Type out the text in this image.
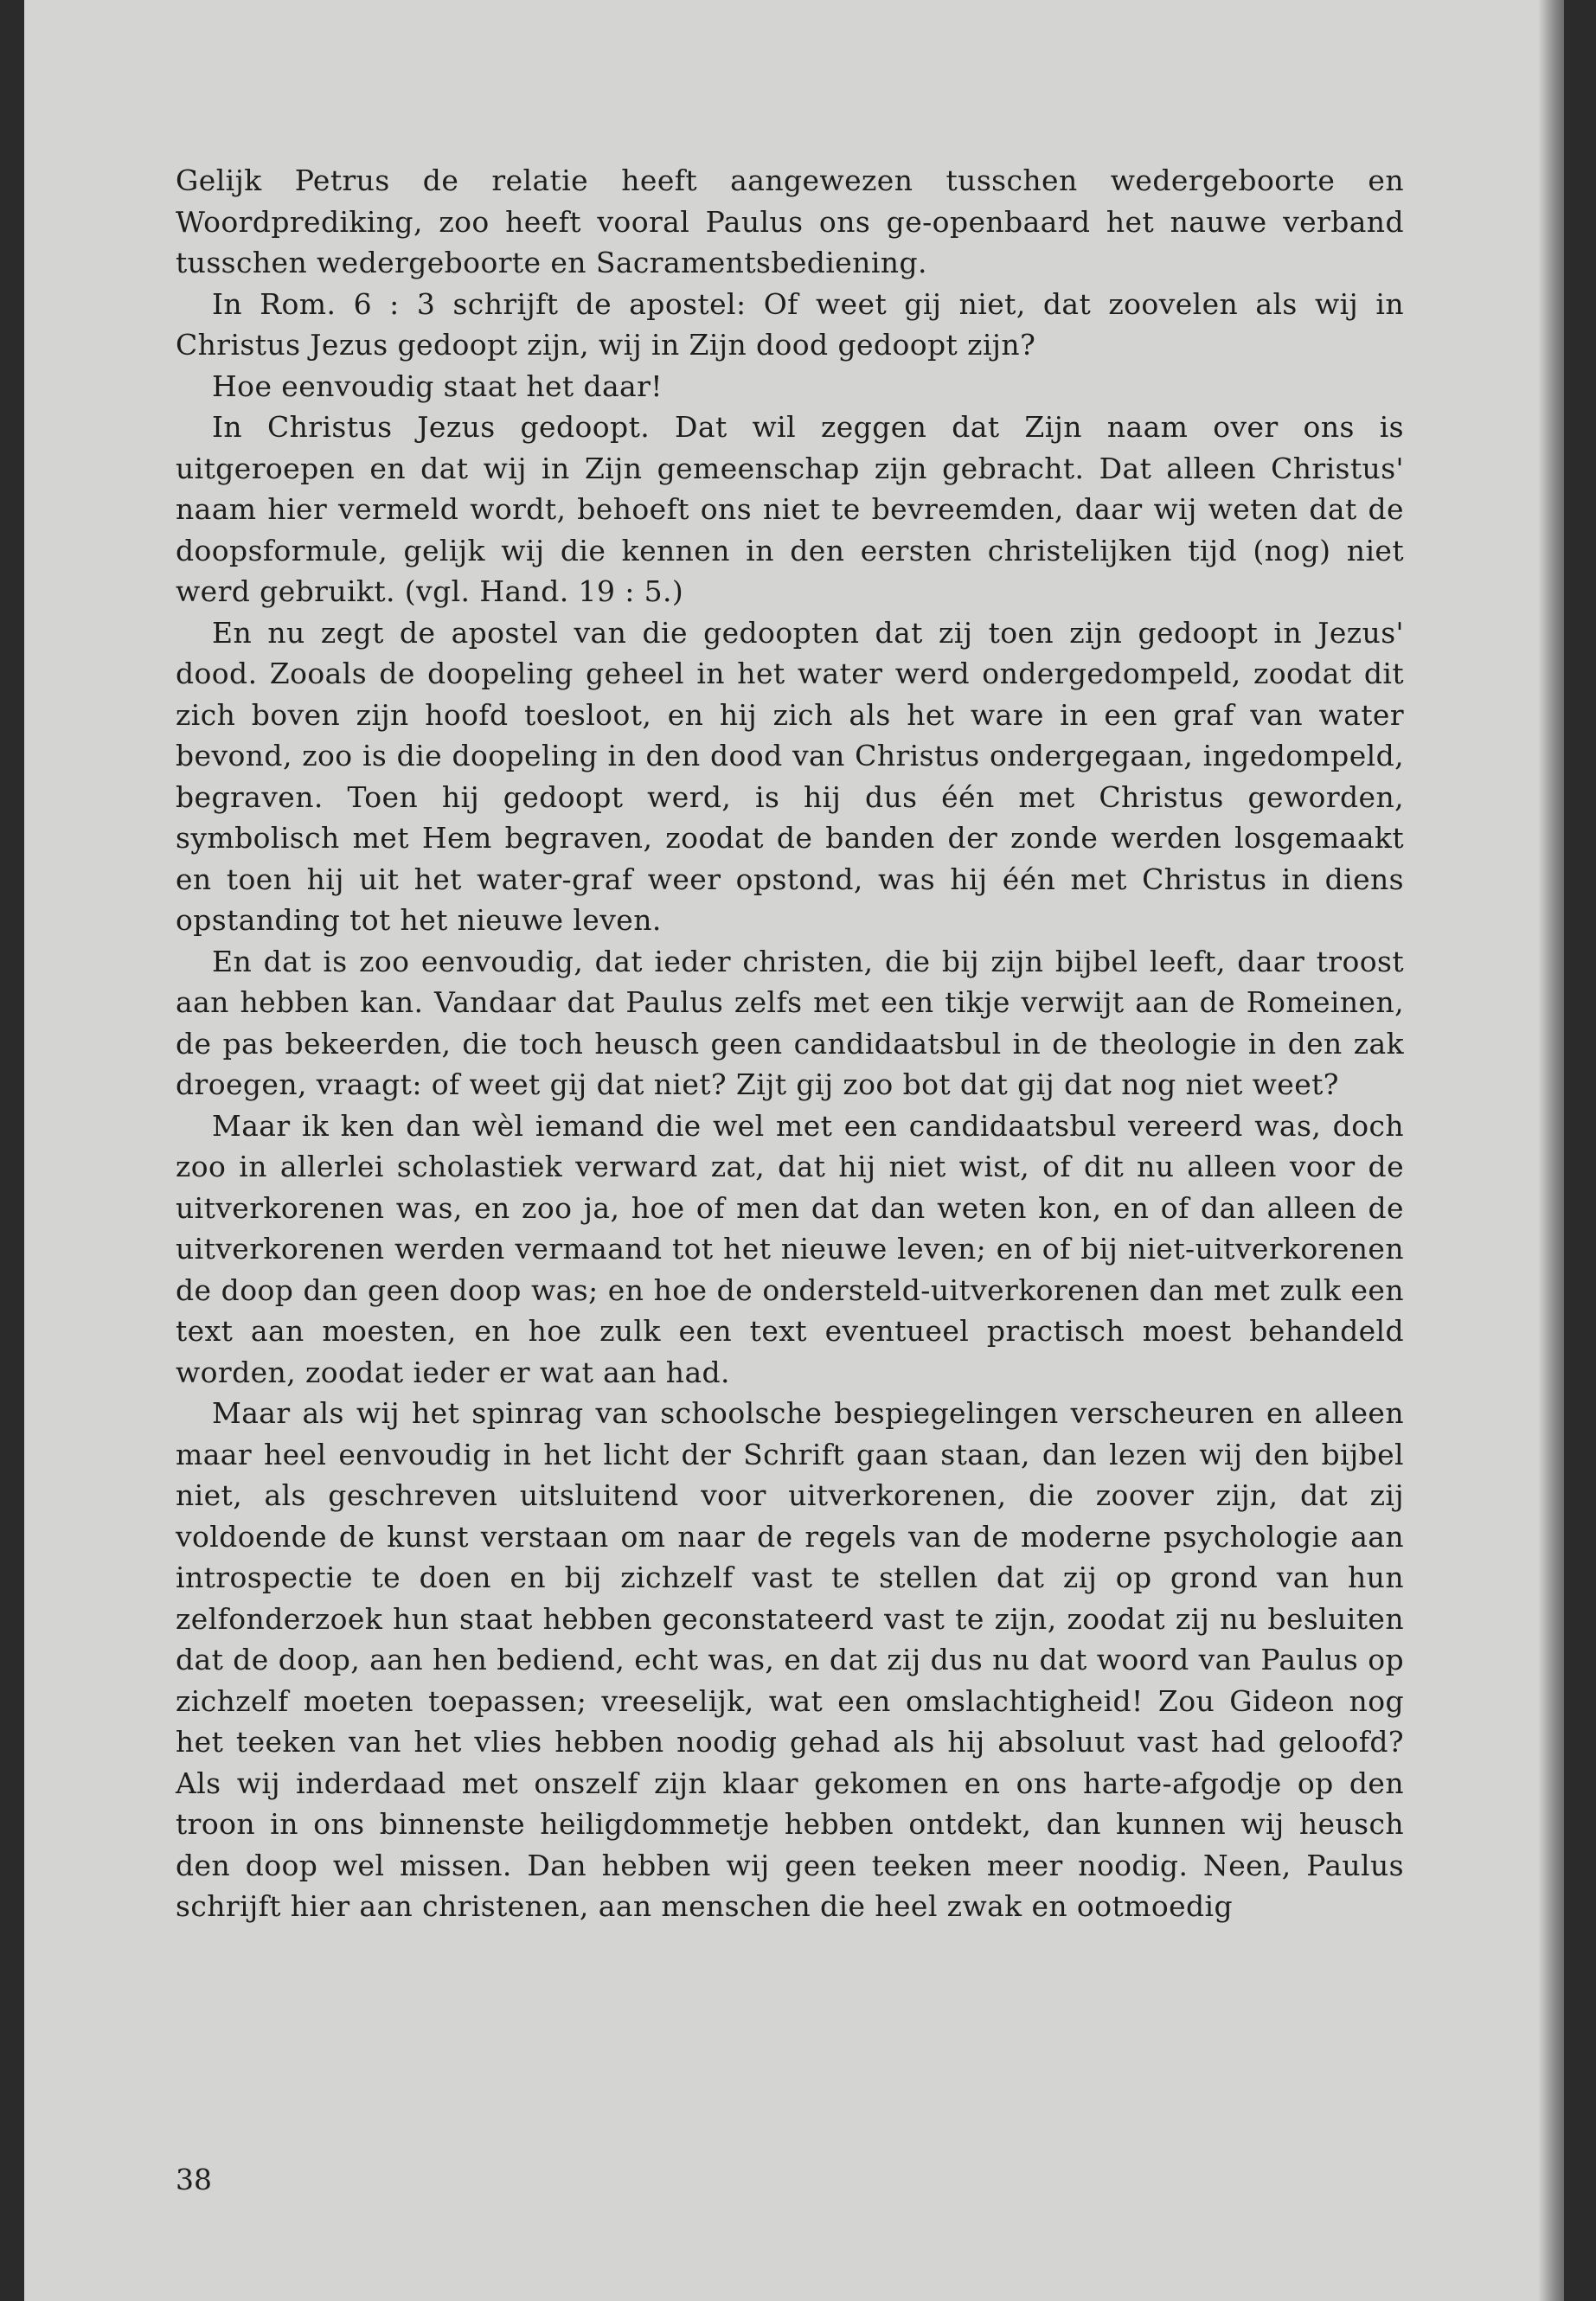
Gelijk Petrus de relatie heeft aangewezen tusschen wedergeboorte en Woordprediking, zoo heeft vooral Paulus ons ge-openbaard het nauwe verband tusschen wedergeboorte en Sacramentsbediening.

In Rom. 6 : 3 schrijft de apostel: Of weet gij niet, dat zoovelen als wij in Christus Jezus gedoopt zijn, wij in Zijn dood gedoopt zijn?

Hoe eenvoudig staat het daar!

In Christus Jezus gedoopt. Dat wil zeggen dat Zijn naam over ons is uitgeroepen en dat wij in Zijn gemeenschap zijn gebracht. Dat alleen Christus' naam hier vermeld wordt, behoeft ons niet te bevreemden, daar wij weten dat de doopsformule, gelijk wij die kennen in den eersten christelijken tijd (nog) niet werd gebruikt. (vgl. Hand. 19 : 5.)

En nu zegt de apostel van die gedoopten dat zij toen zijn gedoopt in Jezus' dood. Zooals de doopeling geheel in het water werd ondergedompeld, zoodat dit zich boven zijn hoofd toesloot, en hij zich als het ware in een graf van water bevond, zoo is die doopeling in den dood van Christus ondergegaan, ingedompeld, begraven. Toen hij gedoopt werd, is hij dus één met Christus geworden, symbolisch met Hem begraven, zoodat de banden der zonde werden losgemaakt en toen hij uit het water-graf weer opstond, was hij één met Christus in diens opstanding tot het nieuwe leven.

En dat is zoo eenvoudig, dat ieder christen, die bij zijn bijbel leeft, daar troost aan hebben kan. Vandaar dat Paulus zelfs met een tikje verwijt aan de Romeinen, de pas bekeerden, die toch heusch geen candidaatsbul in de theologie in den zak droegen, vraagt: of weet gij dat niet? Zijt gij zoo bot dat gij dat nog niet weet?

Maar ik ken dan wèl iemand die wel met een candidaatsbul vereerd was, doch zoo in allerlei scholastiek verward zat, dat hij niet wist, of dit nu alleen voor de uitverkorenen was, en zoo ja, hoe of men dat dan weten kon, en of dan alleen de uitverkorenen werden vermaand tot het nieuwe leven; en of bij niet-uitverkorenen de doop dan geen doop was; en hoe de ondersteld-uitverkorenen dan met zulk een text aan moesten, en hoe zulk een text eventueel practisch moest behandeld worden, zoodat ieder er wat aan had.

Maar als wij het spinrag van schoolsche bespiegelingen verscheuren en alleen maar heel eenvoudig in het licht der Schrift gaan staan, dan lezen wij den bijbel niet, als geschreven uitsluitend voor uitverkorenen, die zoover zijn, dat zij voldoende de kunst verstaan om naar de regels van de moderne psychologie aan introspectie te doen en bij zichzelf vast te stellen dat zij op grond van hun zelfonderzoek hun staat hebben geconstateerd vast te zijn, zoodat zij nu besluiten dat de doop, aan hen bediend, echt was, en dat zij dus nu dat woord van Paulus op zichzelf moeten toepassen; vreeselijk, wat een omslachtigheid! Zou Gideon nog het teeken van het vlies hebben noodig gehad als hij absoluut vast had geloofd? Als wij inderdaad met onszelf zijn klaar gekomen en ons harte-afgodje op den troon in ons binnenste heiligdommetje hebben ontdekt, dan kunnen wij heusch den doop wel missen. Dan hebben wij geen teeken meer noodig. Neen, Paulus schrijft hier aan christenen, aan menschen die heel zwak en ootmoedig

38
